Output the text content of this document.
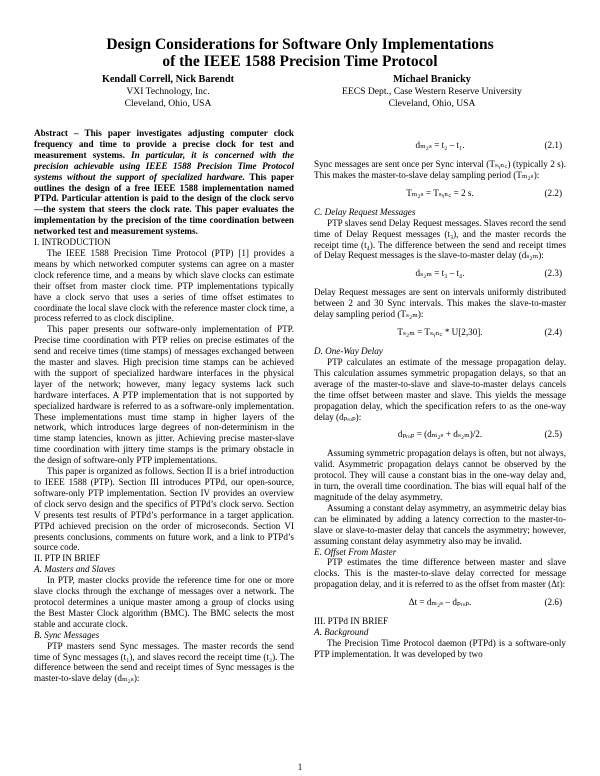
Design Considerations for Software Only Implementations
of the IEEE 1588 Precision Time Protocol
Kendall Correll, Nick Barendt
VXI Technology, Inc.
Cleveland, Ohio, USA
Michael Branicky
EECS Dept., Case Western Reserve University
Cleveland, Ohio, USA

Abstract – This paper investigates adjusting computer clock frequency and time to provide a precise clock for test and measurement systems. In particular, it is concerned with the precision achievable using IEEE 1588 Precision Time Protocol systems without the support of specialized hardware. This paper outlines the design of a free IEEE 1588 implementation named PTPd. Particular attention is paid to the design of the clock servo—the system that steers the clock rate. This paper evaluates the implementation by the precision of the time coordination between networked test and measurement systems.

I. INTRODUCTION

The IEEE 1588 Precision Time Protocol (PTP) [1] provides a means by which networked computer systems can agree on a master clock reference time, and a means by which slave clocks can estimate their offset from master clock time. PTP implementations typically have a clock servo that uses a series of time offset estimates to coordinate the local slave clock with the reference master clock time, a process referred to as clock discipline.

This paper presents our software-only implementation of PTP. Precise time coordination with PTP relies on precise estimates of the send and receive times (time stamps) of messages exchanged between the master and slaves. High precision time stamps can be achieved with the support of specialized hardware interfaces in the physical layer of the network; however, many legacy systems lack such hardware interfaces. A PTP implementation that is not supported by specialized hardware is referred to as a software-only implementation. These implementations must time stamp in higher layers of the network, which introduces large degrees of non-determinism in the time stamp latencies, known as jitter. Achieving precise master-slave time coordination with jittery time stamps is the primary obstacle in the design of software-only PTP implementations.

This paper is organized as follows. Section II is a brief introduction to IEEE 1588 (PTP). Section III introduces PTPd, our open-source, software-only PTP implementation. Section IV provides an overview of clock servo design and the specifics of PTPd’s clock servo. Section V presents test results of PTPd’s performance in a target application. PTPd achieved precision on the order of microseconds. Section VI presents conclusions, comments on future work, and a link to PTPd’s source code.

II. PTP IN BRIEF

A. Masters and Slaves

In PTP, master clocks provide the reference time for one or more slave clocks through the exchange of messages over a network. The protocol determines a unique master among a group of clocks using the Best Master Clock algorithm (BMC). The BMC selects the most stable and accurate clock.

B. Sync Messages

PTP masters send Sync messages. The master records the send time of Sync messages (t₁), and slaves record the receipt time (t₂). The difference between the send and receipt times of Sync messages is the master-to-slave delay (dₘ₂ₛ):

dₘ₂ₛ = t₂ – t₁.	(2.1)

Sync messages are sent once per Sync interval (Tₛᵧₙ꜀) (typically 2 s). This makes the master-to-slave delay sampling period (Tₘ₂ₛ):

Tₘ₂ₛ = Tₛᵧₙ꜀ = 2 s.	(2.2)

C. Delay Request Messages

PTP slaves send Delay Request messages. Slaves record the send time of Delay Request messages (t₃), and the master records the receipt time (t₄). The difference between the send and receipt times of Delay Request messages is the slave-to-master delay (dₛ₂ₘ):

dₛ₂ₘ = t₃ – t₄.	(2.3)

Delay Request messages are sent on intervals uniformly distributed between 2 and 30 Sync intervals. This makes the slave-to-master delay sampling period (Tₛ₂ₘ):

Tₛ₂ₘ = Tₛᵧₙ꜀ * U[2,30].	(2.4)

D. One-Way Delay

PTP calculates an estimate of the message propagation delay. This calculation assumes symmetric propagation delays, so that an average of the master-to-slave and slave-to-master delays cancels the time offset between master and slave. This yields the message propagation delay, which the specification refers to as the one-way delay (dₚᵣₒₚ):

dₚᵣₒₚ = (dₘ₂ₛ + dₛ₂ₘ)/2.	(2.5)

Assuming symmetric propagation delays is often, but not always, valid. Asymmetric propagation delays cannot be observed by the protocol. They will cause a constant bias in the one-way delay and, in turn, the overall time coordination. The bias will equal half of the magnitude of the delay asymmetry.

Assuming a constant delay asymmetry, an asymmetric delay bias can be eliminated by adding a latency correction to the master-to-slave or slave-to-master delay that cancels the asymmetry; however, assuming constant delay asymmetry also may be invalid.

E. Offset From Master

PTP estimates the time difference between master and slave clocks. This is the master-to-slave delay corrected for message propagation delay, and it is referred to as the offset from master (Δt):

Δt = dₘ₂ₛ – dₚᵣₒₚ.	(2.6)

III. PTPd IN BRIEF

A. Background

The Precision Time Protocol daemon (PTPd) is a software-only PTP implementation. It was developed by two

1
